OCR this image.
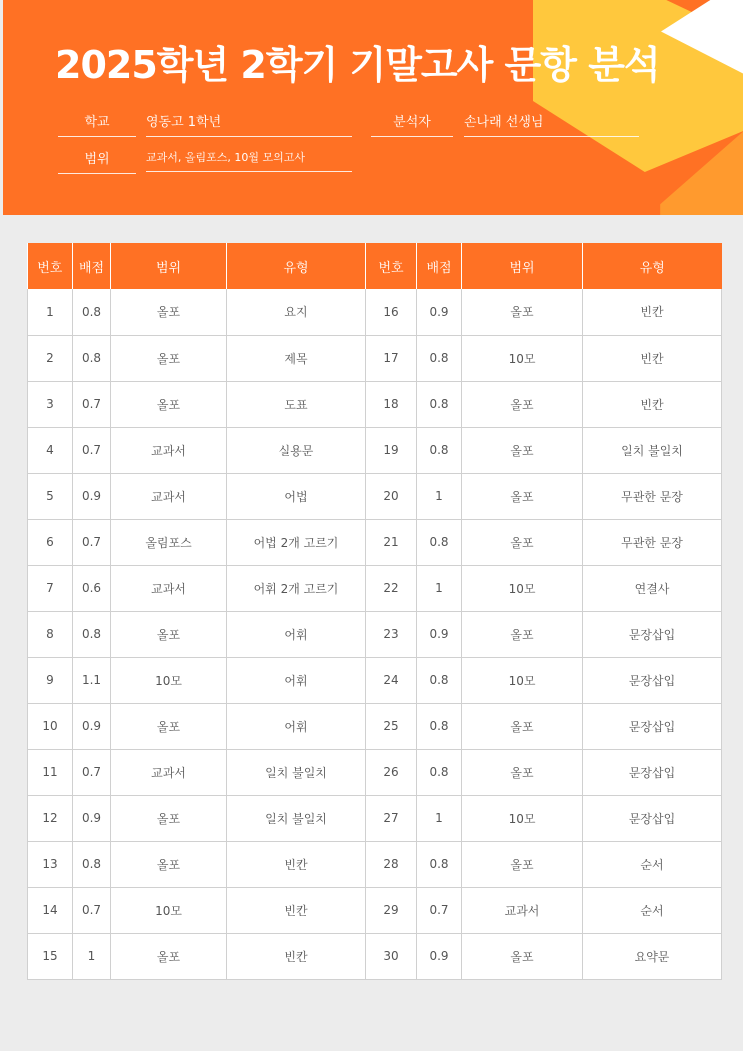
2025학년 2학기 기말고사 문항 분석
학교	영동고 1학년	분석자	손나래 선생님
범위	교과서, 올림포스, 10월 모의고사
번호	배점	범위	유형	번호	배점	범위	유형
1	0.8	올포	요지	16	0.9	올포	빈칸
2	0.8	올포	제목	17	0.8	10모	빈칸
3	0.7	올포	도표	18	0.8	올포	빈칸
4	0.7	교과서	실용문	19	0.8	올포	일치 불일치
5	0.9	교과서	어법	20	1	올포	무관한 문장
6	0.7	올림포스	어법 2개 고르기	21	0.8	올포	무관한 문장
7	0.6	교과서	어휘 2개 고르기	22	1	10모	연결사
8	0.8	올포	어휘	23	0.9	올포	문장삽입
9	1.1	10모	어휘	24	0.8	10모	문장삽입
10	0.9	올포	어휘	25	0.8	올포	문장삽입
11	0.7	교과서	일치 불일치	26	0.8	올포	문장삽입
12	0.9	올포	일치 불일치	27	1	10모	문장삽입
13	0.8	올포	빈칸	28	0.8	올포	순서
14	0.7	10모	빈칸	29	0.7	교과서	순서
15	1	올포	빈칸	30	0.9	올포	요약문
